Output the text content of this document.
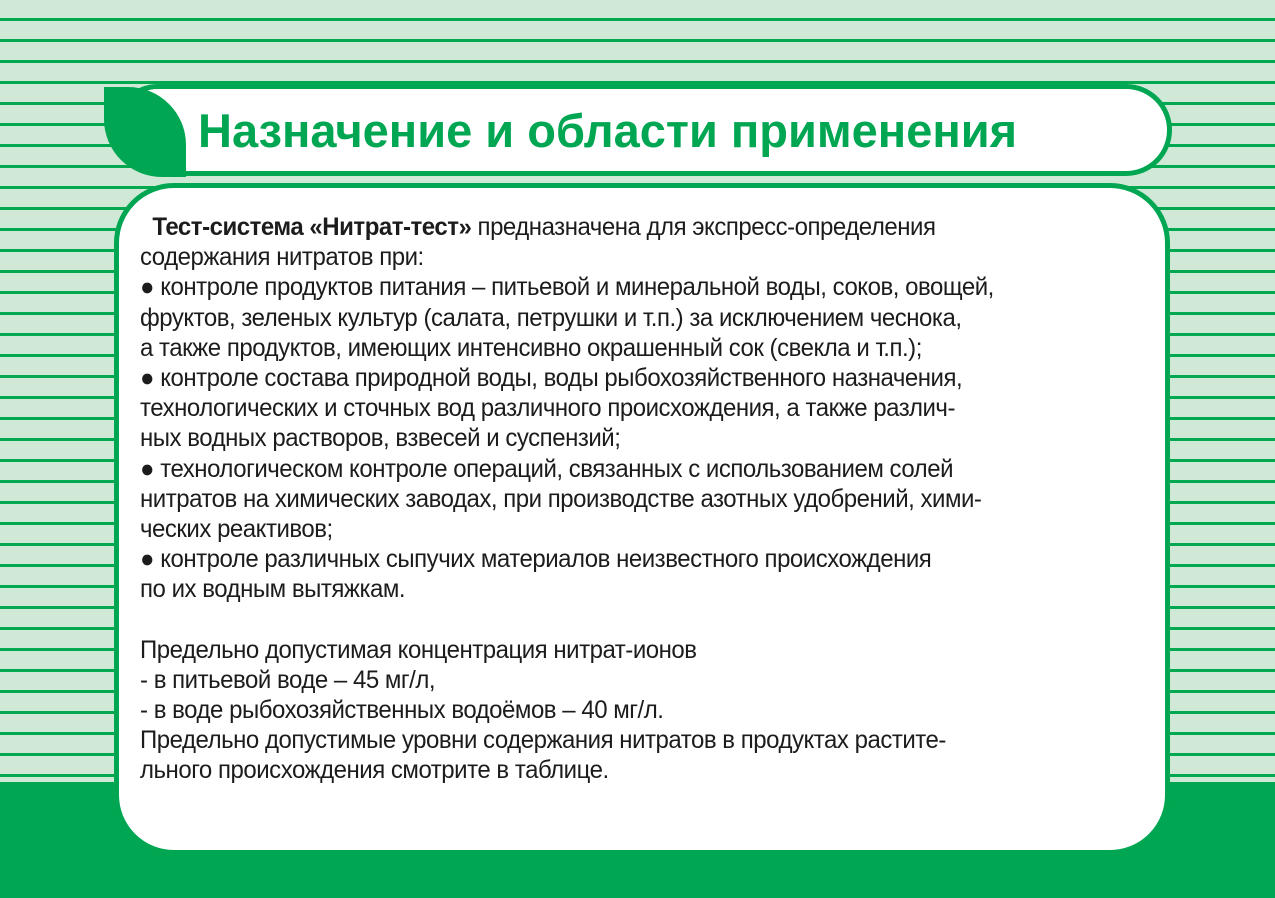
Назначение и области применения
Тест-система «Нитрат-тест» предназначена для экспресс-определения
содержания нитратов при:
● контроле продуктов питания – питьевой и минеральной воды, соков, овощей,
фруктов, зеленых культур (салата, петрушки и т.п.) за исключением чеснока,
а также продуктов, имеющих интенсивно окрашенный сок (свекла и т.п.);
● контроле состава природной воды, воды рыбохозяйственного назначения,
технологических и сточных вод различного происхождения, а также различ-
ных водных растворов, взвесей и суспензий;
● технологическом контроле операций, связанных с использованием солей
нитратов на химических заводах, при производстве азотных удобрений, хими-
ческих реактивов;
● контроле различных сыпучих материалов неизвестного происхождения
по их водным вытяжкам.
Предельно допустимая концентрация нитрат-ионов
- в питьевой воде – 45 мг/л,
- в воде рыбохозяйственных водоёмов – 40 мг/л.
Предельно допустимые уровни содержания нитратов в продуктах растите-
льного происхождения смотрите в таблице.
